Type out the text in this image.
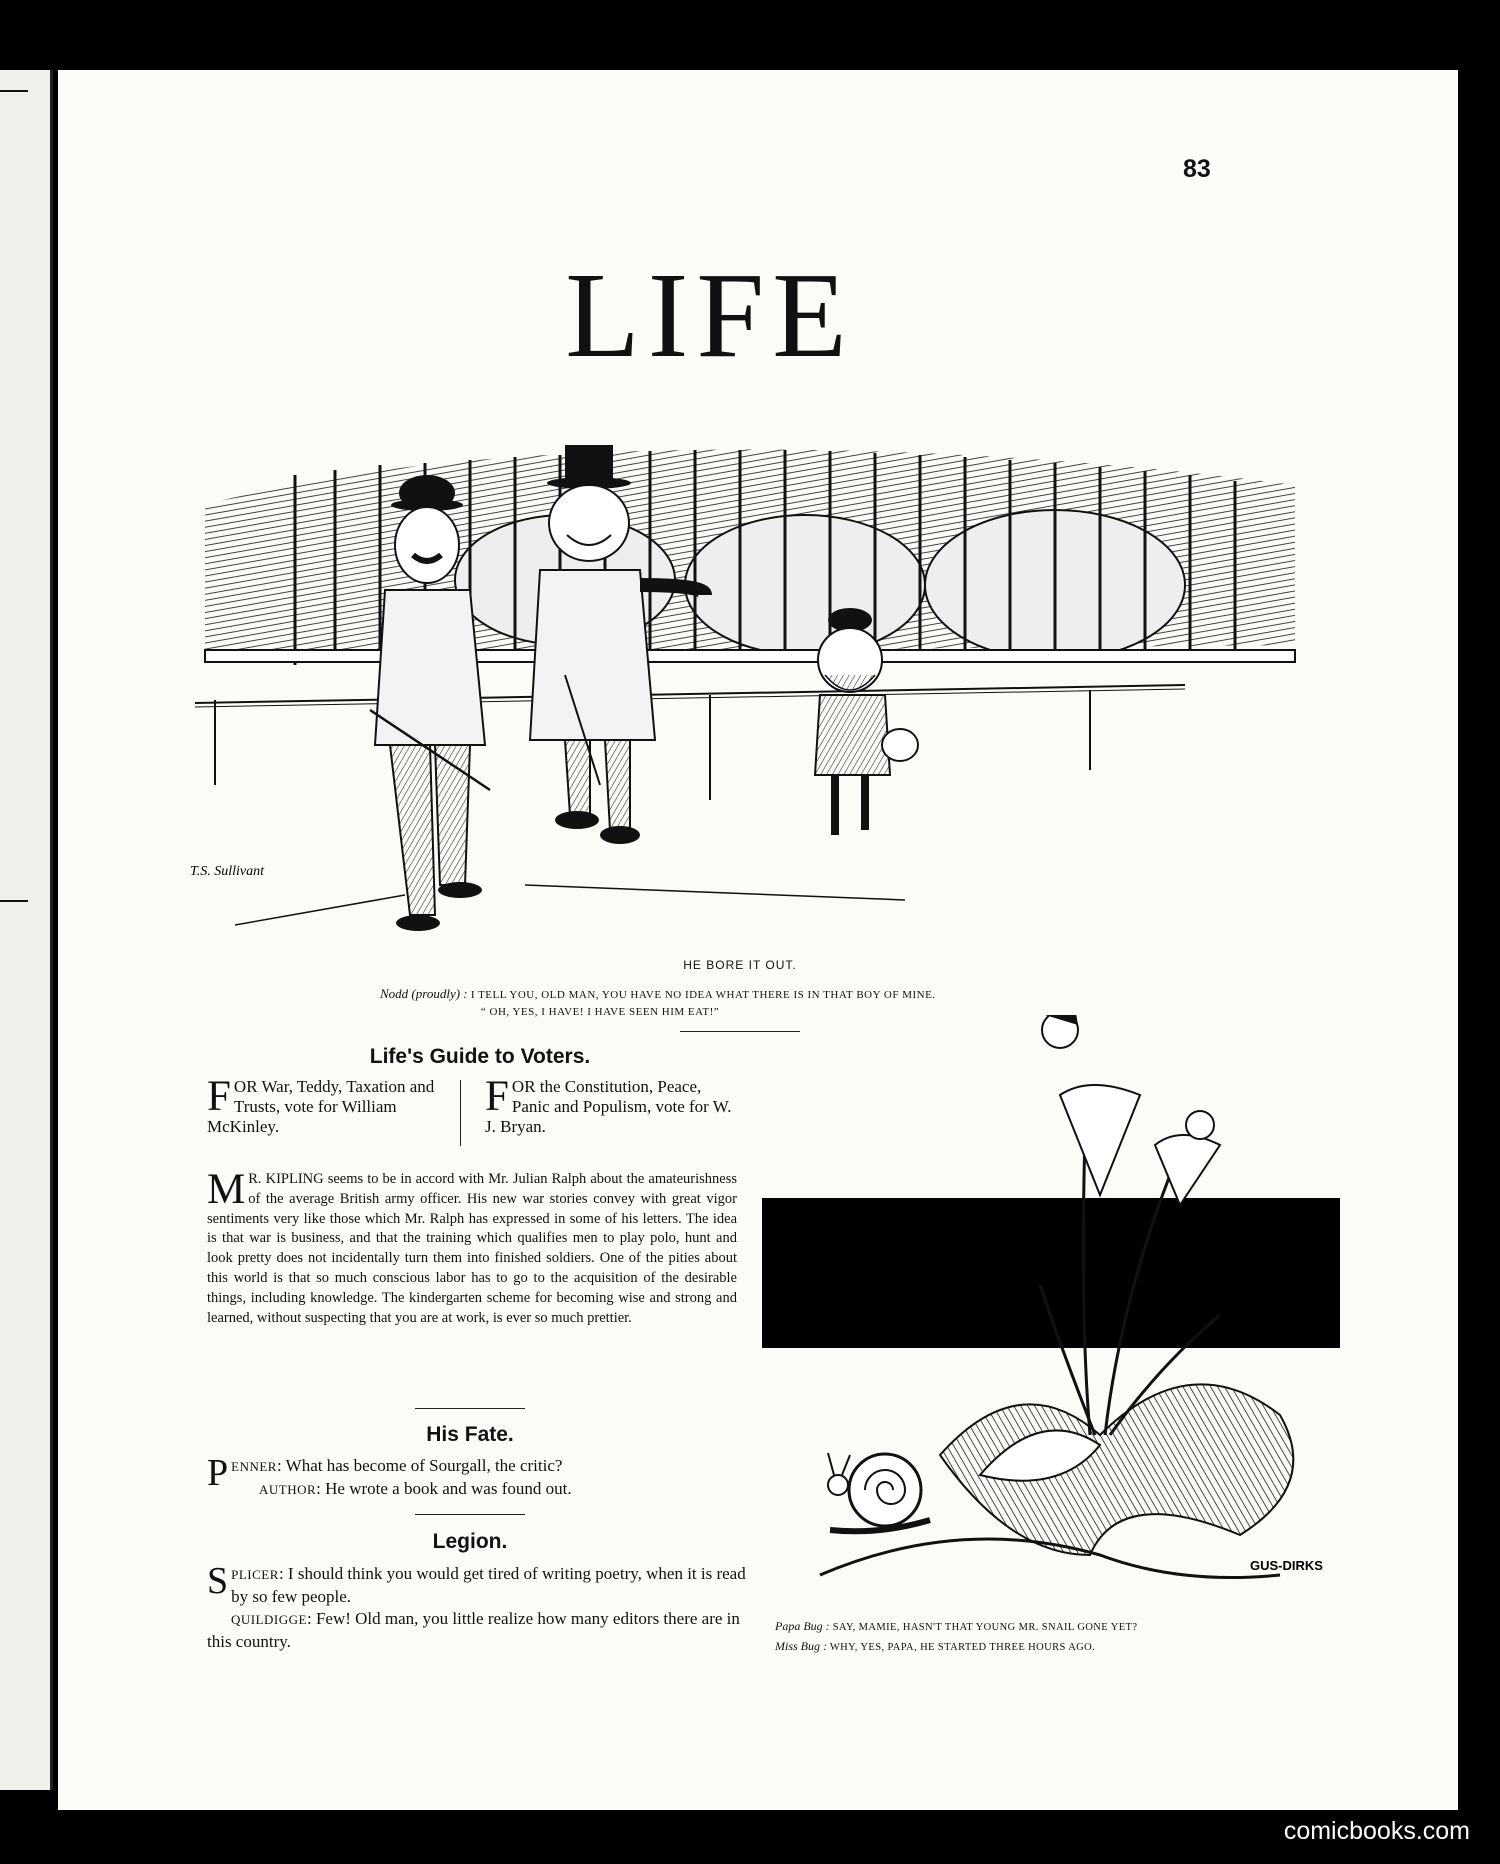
83
LIFE
T.S. Sullivant
HE BORE IT OUT.
Nodd (proudly) : I TELL YOU, OLD MAN, YOU HAVE NO IDEA WHAT THERE IS IN THAT BOY OF MINE.
“ OH, YES, I HAVE! I HAVE SEEN HIM EAT!”
Life's Guide to Voters.
FOR War, Teddy, Taxation and Trusts, vote for William McKinley.
FOR the Constitution, Peace, Panic and Populism, vote for W. J. Bryan.
M R. KIPLING seems to be in accord with Mr. Julian Ralph about the amateurishness of the average British army officer. His new war stories convey with great vigor sentiments very like those which Mr. Ralph has expressed in some of his letters. The idea is that war is business, and that the training which qualifies men to play polo, hunt and look pretty does not incidentally turn them into finished soldiers. One of the pities about this world is that so much conscious labor has to go to the acquisition of the desirable things, including knowledge. The kindergarten scheme for becoming wise and strong and learned, without suspecting that you are at work, is ever so much prettier.
His Fate.
PENNER: What has become of Sourgall, the critic?
AUTHOR: He wrote a book and was found out.
Legion.
SPLICER: I should think you would get tired of writing poetry, when it is read by so few people.
QUILDIGGE: Few! Old man, you little realize how many editors there are in this country.
GUS-DIRKS
Papa Bug : SAY, MAMIE, HASN'T THAT YOUNG MR. SNAIL GONE YET?
Miss Bug : WHY, YES, PAPA, HE STARTED THREE HOURS AGO.
comicbooks.com
